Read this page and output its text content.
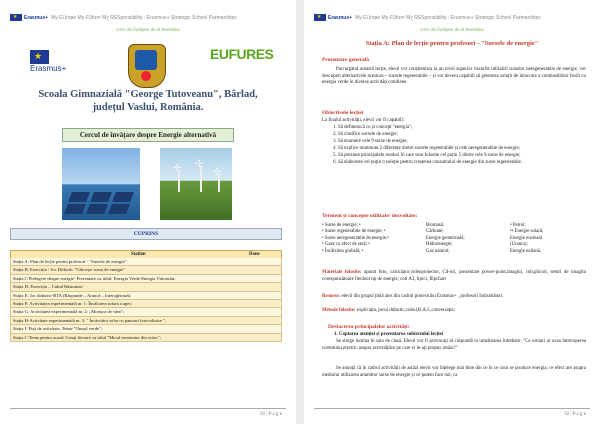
★Erasmus+ My EUrope My FUture My RESponsibility - Erasmus+ Strategic School Partnerships
Cerc de învățare de la România
★
Erasmus+
EUFURES
Scoala Gimnazială "George Tutoveanu", Bârlad,
județul Vaslui, România.
Cercul de învățare despre Energie alternativă
✢
✢
✢
CUPRINS
Station	Done
Stația A: Plan de lecție pentru profesori - "Sursele de energie"
Stația B: Exercițiu / Joc Didactic "Ghicește sursa de energie"
Stația C Prelegere despre energie- Prezentare cu titlul: Energia Verde-Energia Viitorului;
Stația D: Exercițiu – Cubul Răsturnat-
Stația E: Joc didactic-BTA (Răspunde – Aruncă – Interoghează).
Stația F: Activitatea experimentală nr. 1: Încălzirea solară a apei;
Stația G: Activitatea experimentală nr. 2: „Morișca de vânt";
Stația H-Activitate experimentală nr. 3: " Încărcător solar cu panouri fotovoltaice ",
Stația I: Fișă de activitate, Tema-"Orașul verde";
Stația J /Tema pentru acasă/ Creați literare cu titlul "Micul inventator din viitor";
91 | P a g e
★Erasmus+ My EUrope My FUture My RESponsibility - Erasmus+ Strategic School Partnerships
Cerc de învățare de la România
Stația A: Plan de lecție pentru profesori - "Sursele de energie"
Prezentare generală
Parcurgând această lecție, elevii vor conștientiza la un nivel superior riscurile utilizării surselor neregenerabile de energie, vor descoperi alternativele acestora – sursele regenerabile – și vor deveni capabili să genereze soluții de înlocuire a combustibilor fosili cu energia verde în diverse activități cotidiene.
Obiectivele lecției
La finalul activității, elevii vor fi capabili:
1. Să definească cu și concept "energia";
2. Să clasifice sursele de energie;
3. Să enumere cele 9 surse de energie;
4. Să explice minimum 2 diferențe dintre sursele regenerabile și cele neregenerabile de energie;
5. Să prezinte principalele moduri în care sunt folosite cel puțin 5 dintre cele 9 surse de energie;
6. Să elaboreze cel puțin o soluție pentru creșterea consumului de energie din surse regenerabile.
Termeni și concepte utilizate/ dezvoltate:
• Surse de energie; •
• Surse regenerabile de energie; •
• Surse neregenerabile de energie;•
• Gaze cu efect de seră; •
• Încălzirea globală; •
Biomasă;
Cărbune;
Energie geotermală;
Hidroenergie;
Gaz natural;
• Petrol;
•• Energie solară;
Energie nucleară
(Uraniu);
Energie eoliană.
Materiale folosite: aparat foto, calculator,videoproiector, Cd-uri, prezentare power-point,imagini, cub,plicuri, seturi de imagini corespunzătoare fiecărui tip de energie, coli A3, lipici, flipchart
Resurse: elevii din grupul țintă ales din cadrul proiectului Erasmus+ , profesori îndrumători.
Metode folosite: explicația, jocul didactic,cubul,R.A.I.,conversația;
Desfacerea principalelor activități:
1. Captarea atenției și prezentarea subiectului lecției
Se stinge lumina în sala de clasă. Elevii vor fi provocați să răspundă la următoarea întrebare: "Ce urmări ar avea întreruperea curentului electric asupra activităților pe care vi le-ați propus astăzi?"
Se anunță că în cadrul activității de astăzi elevii vor înțelege mai bine din ce în ce cum se produce energia, ce efect are asupra mediului utilizarea anumitor surse de energie și ce putem face noi, ca
92 | P a g e
